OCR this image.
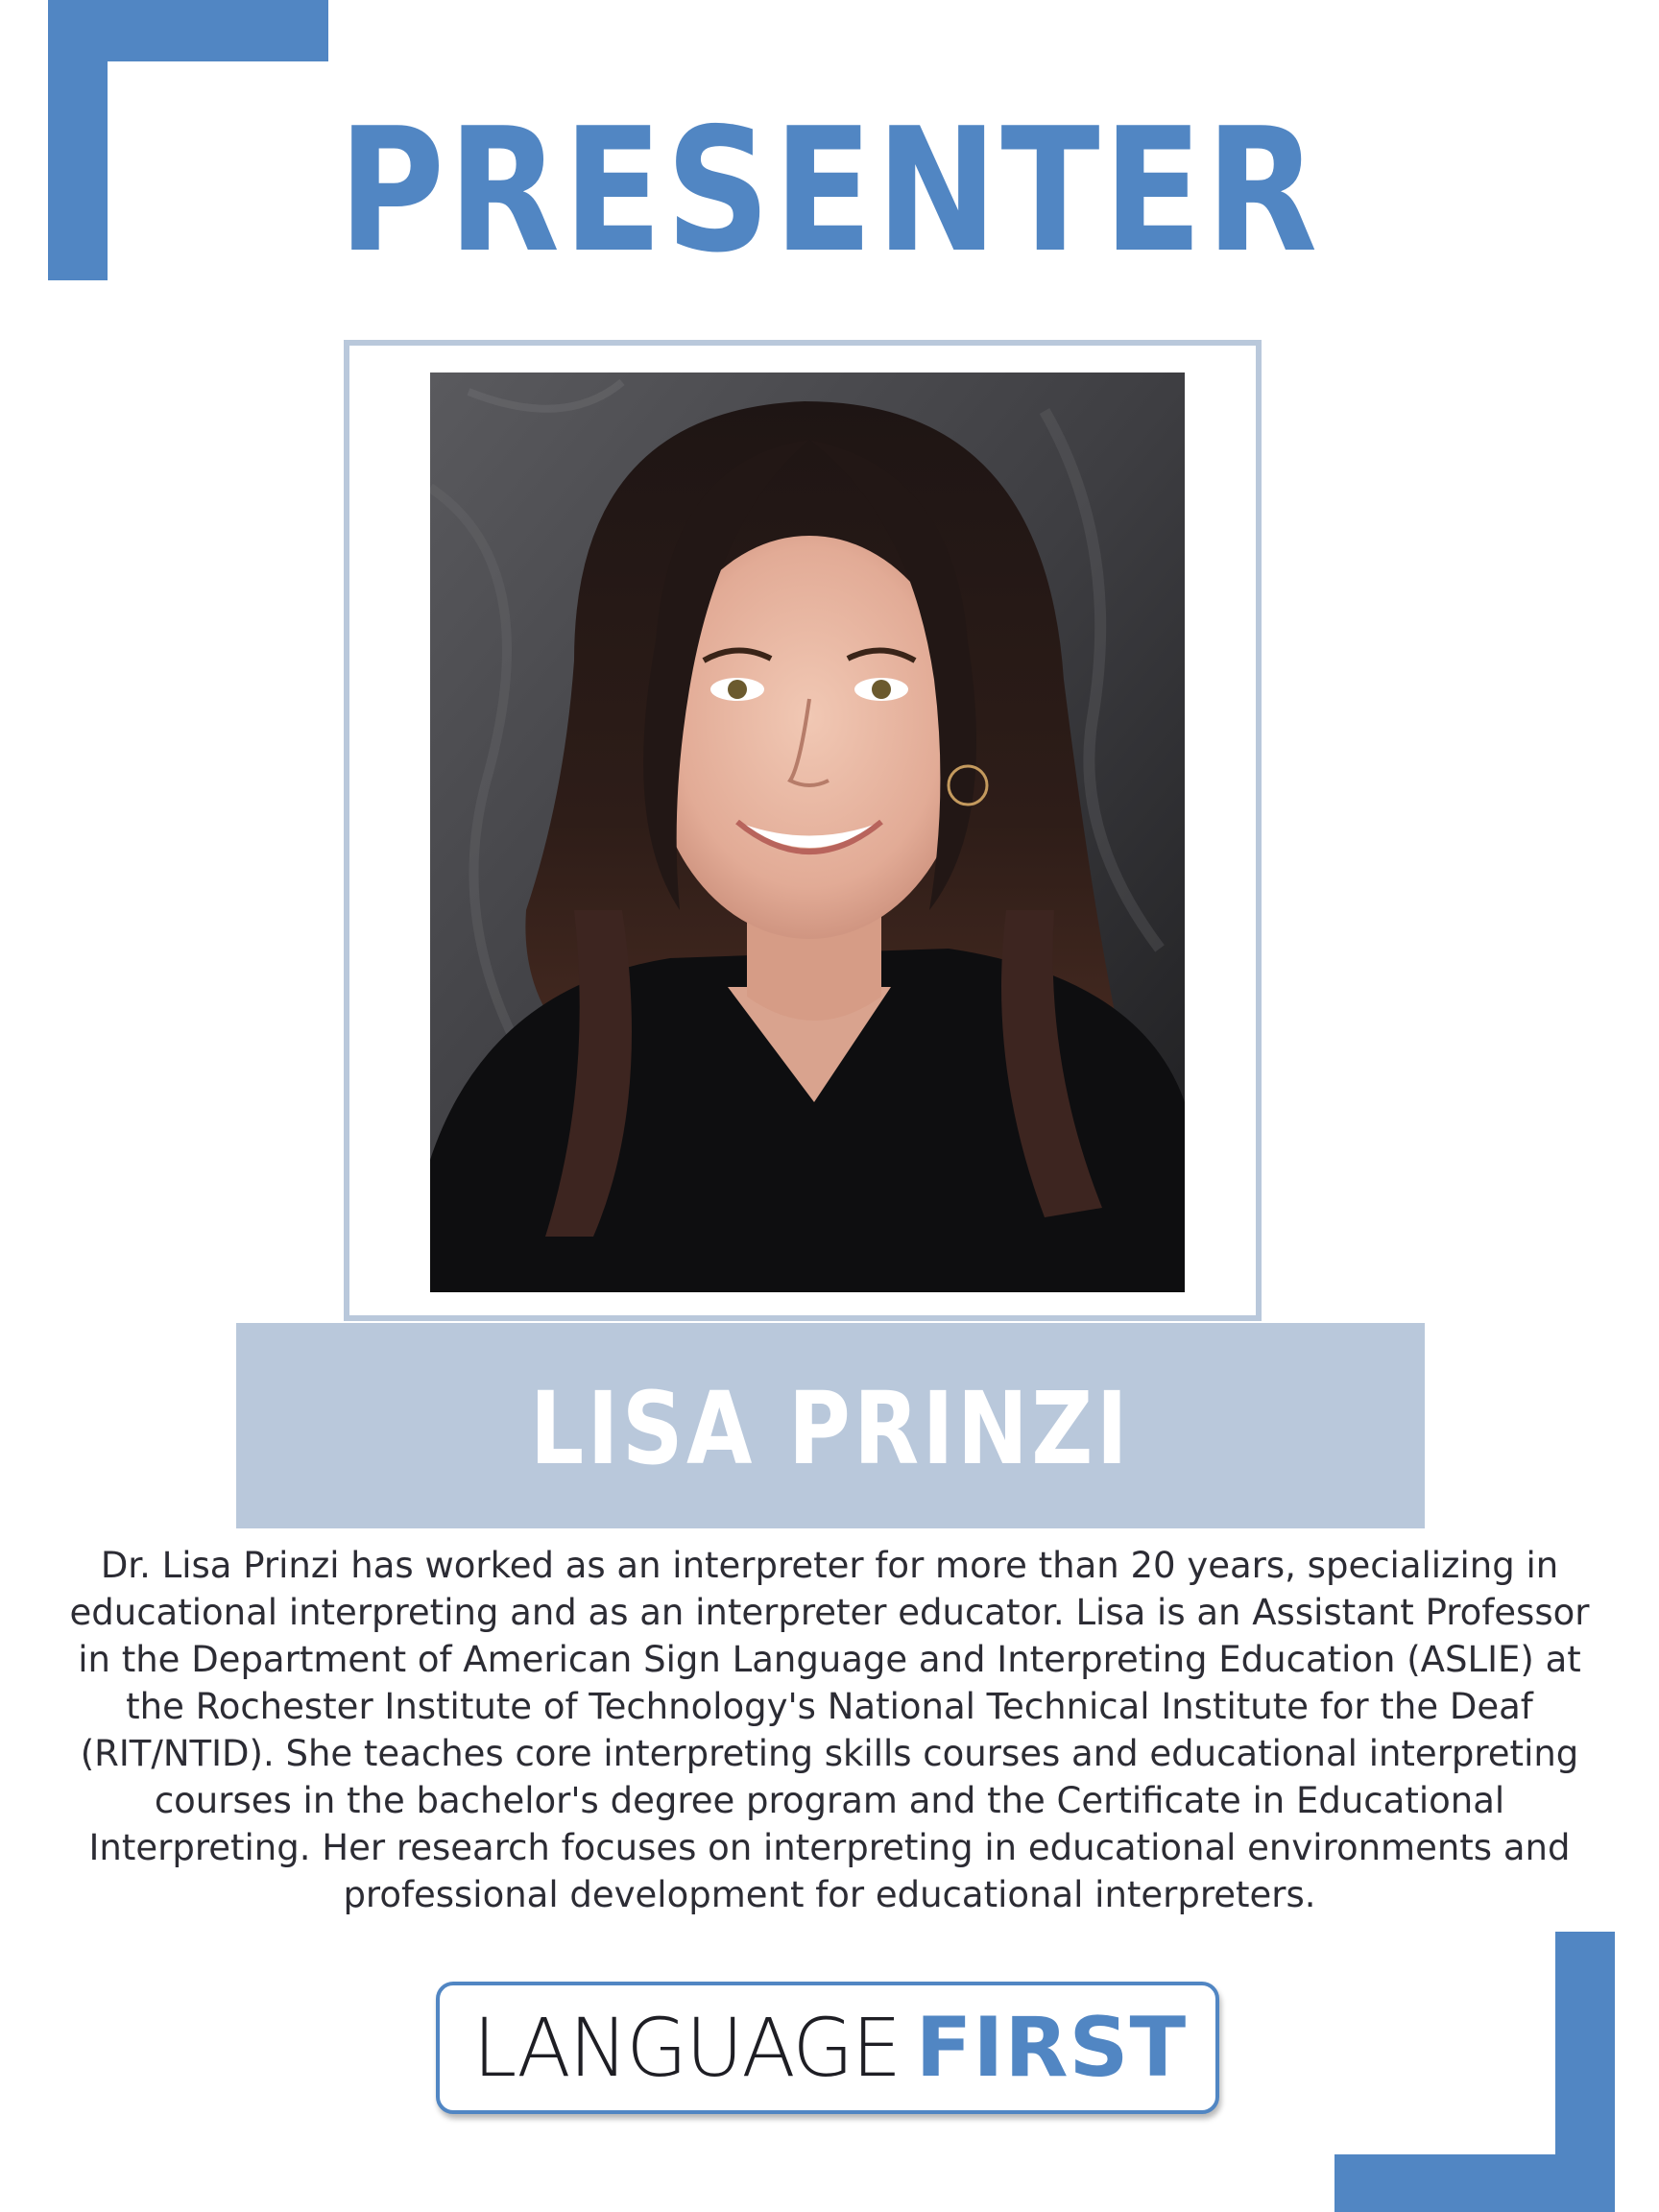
PRESENTER
LISA PRINZI

Dr. Lisa Prinzi has worked as an interpreter for more than 20 years, specializing in educational interpreting and as an interpreter educator. Lisa is an Assistant Professor in the Department of American Sign Language and Interpreting Education (ASLIE) at the Rochester Institute of Technology's National Technical Institute for the Deaf (RIT/NTID). She teaches core interpreting skills courses and educational interpreting courses in the bachelor's degree program and the Certificate in Educational Interpreting. Her research focuses on interpreting in educational environments and professional development for educational interpreters.

LANGUAGE FIRST
